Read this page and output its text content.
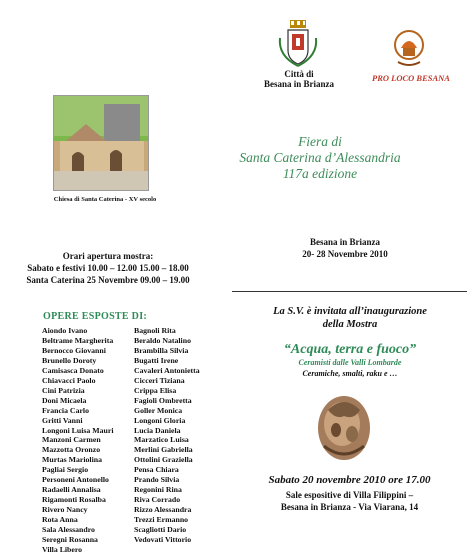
Città di
Besana in Brianza
PRO LOCO BESANA
Chiesa di Santa Caterina - XV secolo
Fiera di
Santa Caterina d’Alessandria
117a edizione
Orari apertura mostra:
Sabato e festivi 10.00 – 12.00 15.00 – 18.00
Santa Caterina 25 Novembre 09.00 – 19.00
Besana in Brianza
20- 28 Novembre 2010
OPERE ESPOSTE DI:
Aiondo Ivano
Beltrame Margherita
Bernocco Giovanni
Brunello Doroty
Camisasca Donato
Chiavacci Paolo
Cini Patrizia
Doni Micaela
Francia Carlo
Gritti Vanni
Longoni Luisa Mauri
Manzoni Carmen
Mazzotta Oronzo
Murtas Mariolina
Pagliai Sergio
Personeni Antonello
Radaelli Annalisa
Rigamonti Rosalba
Rivero Nancy
Rota Anna
Sala Alessandro
Seregni Rosanna
Villa Libero
Bagnoli Rita
Beraldo Natalino
Brambilla Silvia
Bugatti Irene
Cavaleri Antonietta
Cicceri Tiziana
Crippa Elisa
Fagioli Ombretta
Goller Monica
Longoni Gloria
Lucia Daniela
Marzatico Luisa
Merlini Gabriella
Ottolini Graziella
Pensa Chiara
Prando Silvia
Regonini Rina
Riva Corrado
Rizzo Alessandra
Trezzi Ermanno
Scagliotti Dario
Vedovati Vittorio
La S.V. è invitata all’inaugurazione
della Mostra
“Acqua, terra e fuoco”
Ceramisti dalle Valli Lombarde
Ceramiche, smalti, raku e …
Sabato 20 novembre 2010 ore 17.00
Sale espositive di Villa Filippini –
Besana in Brianza - Via Viarana, 14
